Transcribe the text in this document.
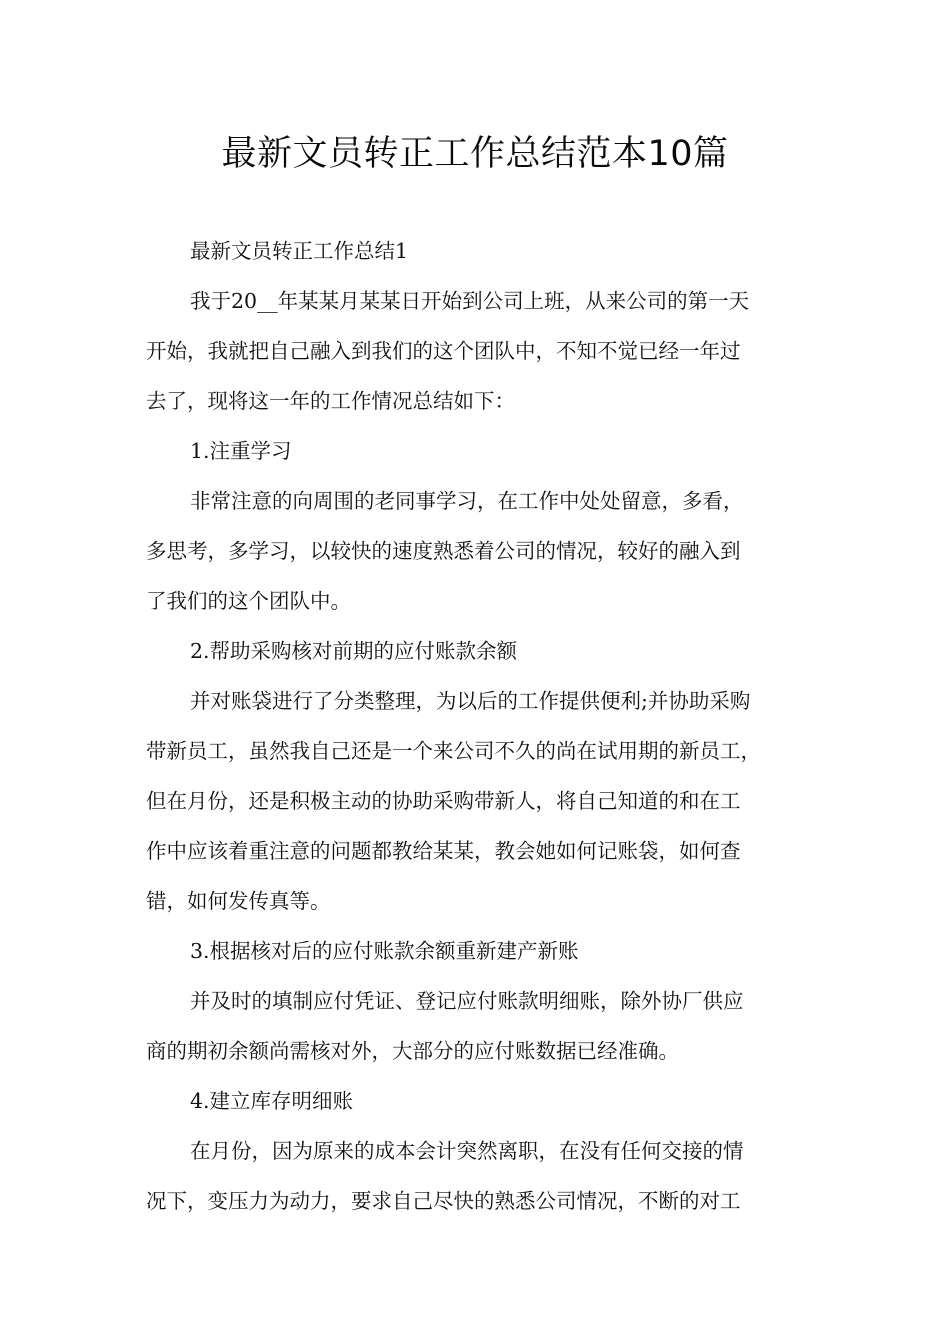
最新文员转正工作总结范本10篇
最新文员转正工作总结1
我于20__年某某月某某日开始到公司上班，从来公司的第一天
开始，我就把自己融入到我们的这个团队中，不知不觉已经一年过
去了，现将这一年的工作情况总结如下：
1.注重学习
非常注意的向周围的老同事学习，在工作中处处留意，多看，
多思考，多学习，以较快的速度熟悉着公司的情况，较好的融入到
了我们的这个团队中。
2.帮助采购核对前期的应付账款余额
并对账袋进行了分类整理，为以后的工作提供便利;并协助采购
带新员工，虽然我自己还是一个来公司不久的尚在试用期的新员工，
但在月份，还是积极主动的协助采购带新人，将自己知道的和在工
作中应该着重注意的问题都教给某某，教会她如何记账袋，如何查
错，如何发传真等。
3.根据核对后的应付账款余额重新建产新账
并及时的填制应付凭证、登记应付账款明细账，除外协厂供应
商的期初余额尚需核对外，大部分的应付账数据已经准确。
4.建立库存明细账
在月份，因为原来的成本会计突然离职，在没有任何交接的情
况下，变压力为动力，要求自己尽快的熟悉公司情况，不断的对工
